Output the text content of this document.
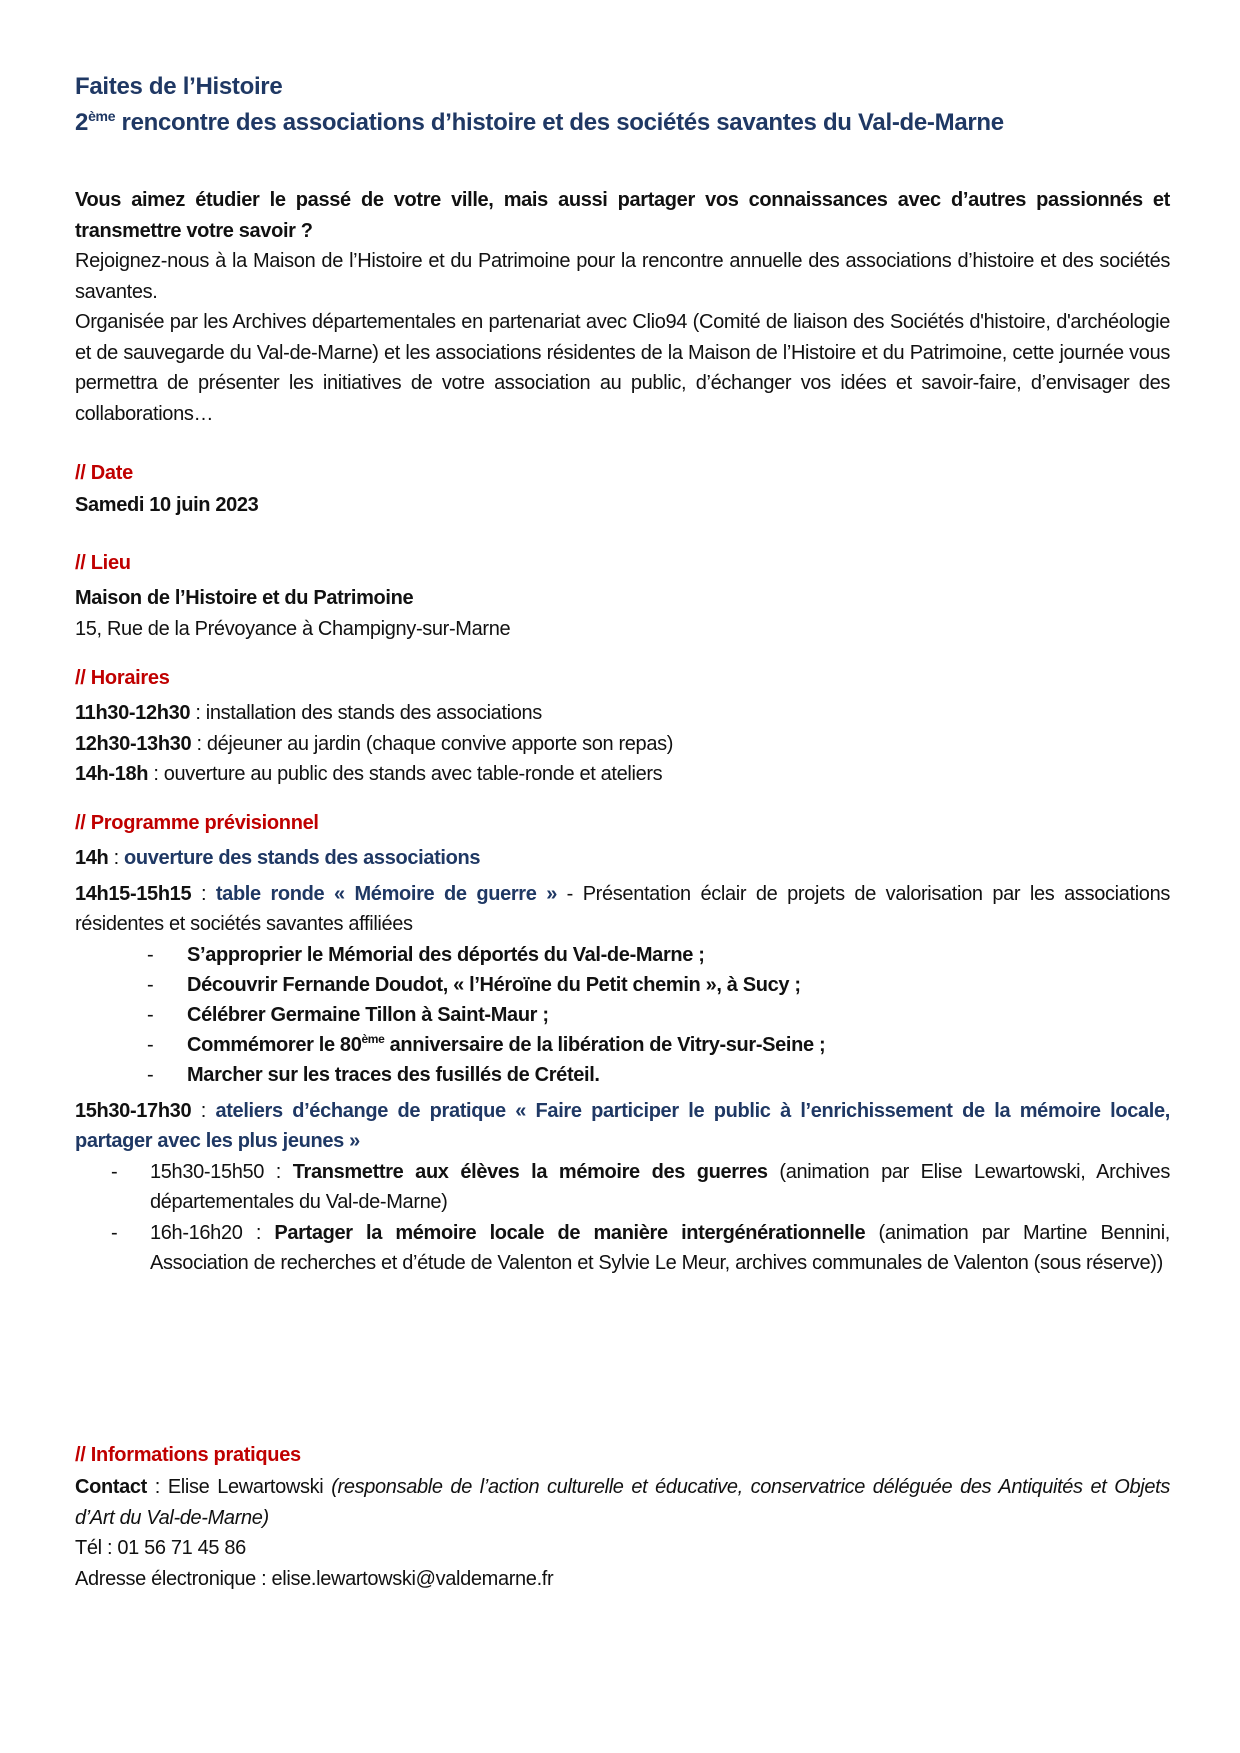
Faites de l’Histoire
2ème rencontre des associations d’histoire et des sociétés savantes du Val-de-Marne
Vous aimez étudier le passé de votre ville, mais aussi partager vos connaissances avec d’autres passionnés et transmettre votre savoir ?
Rejoignez-nous à la Maison de l’Histoire et du Patrimoine pour la rencontre annuelle des associations d’histoire et des sociétés savantes.
Organisée par les Archives départementales en partenariat avec Clio94 (Comité de liaison des Sociétés d'histoire, d'archéologie et de sauvegarde du Val-de-Marne) et les associations résidentes de la Maison de l’Histoire et du Patrimoine, cette journée vous permettra de présenter les initiatives de votre association au public, d’échanger vos idées et savoir-faire, d’envisager des collaborations…
// Date
Samedi 10 juin 2023
// Lieu
Maison de l’Histoire et du Patrimoine
15, Rue de la Prévoyance à Champigny-sur-Marne
// Horaires
11h30-12h30 : installation des stands des associations
12h30-13h30 : déjeuner au jardin (chaque convive apporte son repas)
14h-18h : ouverture au public des stands avec table-ronde et ateliers
// Programme prévisionnel
14h : ouverture des stands des associations
14h15-15h15 : table ronde « Mémoire de guerre » - Présentation éclair de projets de valorisation par les associations résidentes et sociétés savantes affiliées
- S’approprier le Mémorial des déportés du Val-de-Marne ;
- Découvrir Fernande Doudot, « l’Héroïne du Petit chemin », à Sucy ;
- Célébrer Germaine Tillon à Saint-Maur ;
- Commémorer le 80ème anniversaire de la libération de Vitry-sur-Seine ;
- Marcher sur les traces des fusillés de Créteil.
15h30-17h30 : ateliers d’échange de pratique « Faire participer le public à l’enrichissement de la mémoire locale, partager avec les plus jeunes »
- 15h30-15h50 : Transmettre aux élèves la mémoire des guerres (animation par Elise Lewartowski, Archives départementales du Val-de-Marne)
- 16h-16h20 : Partager la mémoire locale de manière intergénérationnelle (animation par Martine Bennini, Association de recherches et d’étude de Valenton et Sylvie Le Meur, archives communales de Valenton (sous réserve))
// Informations pratiques
Contact : Elise Lewartowski (responsable de l’action culturelle et éducative, conservatrice déléguée des Antiquités et Objets d’Art du Val-de-Marne)
Tél : 01 56 71 45 86
Adresse électronique : elise.lewartowski@valdemarne.fr
